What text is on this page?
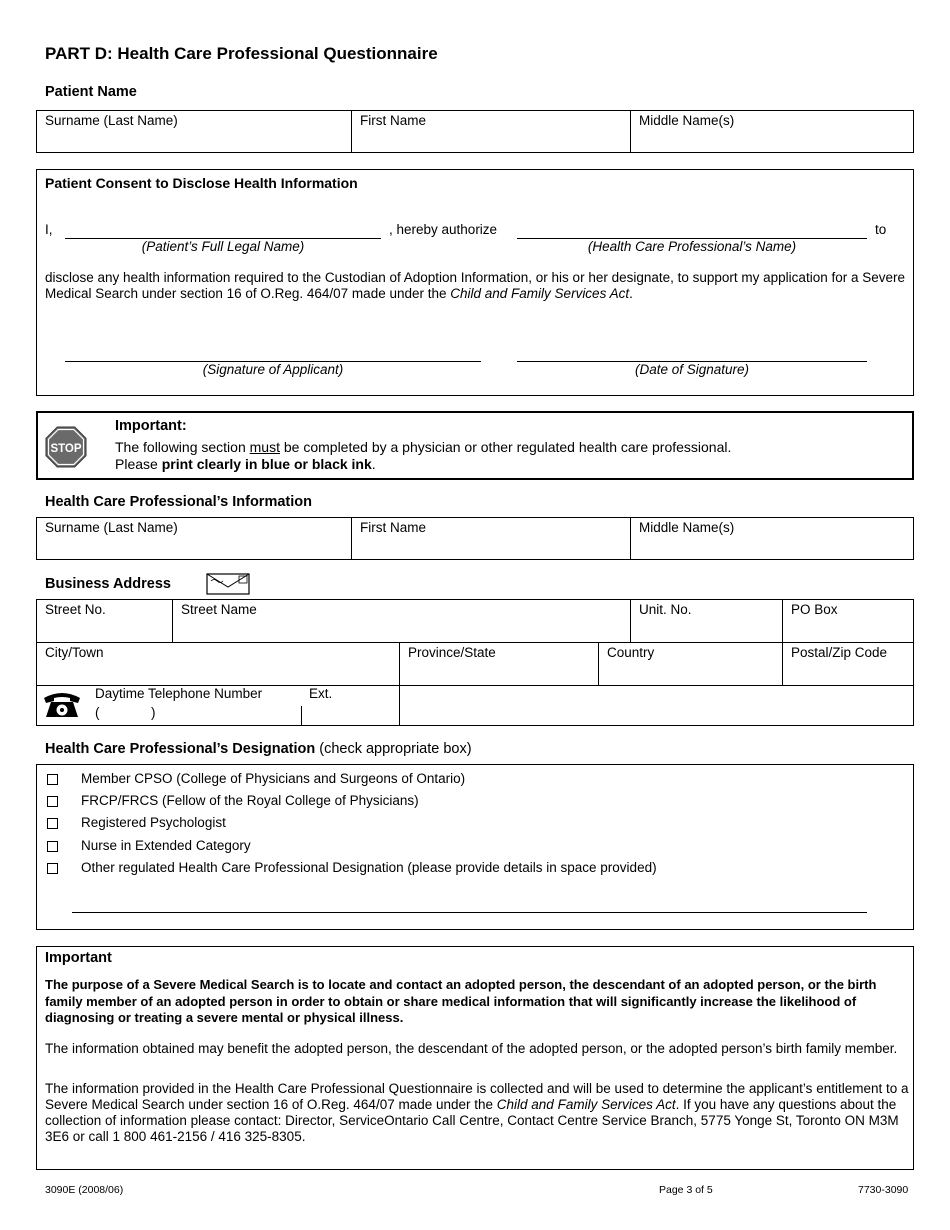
PART D: Health Care Professional Questionnaire
Patient Name
Surname (Last Name)	First Name	Middle Name(s)
Patient Consent to Disclose Health Information
I,	, hereby authorize	to
(Patient’s Full Legal Name)	(Health Care Professional’s Name)

disclose any health information required to the Custodian of Adoption Information, or his or her designate, to support my application for a Severe Medical Search under section 16 of O.Reg. 464/07 made under the Child and Family Services Act.

(Signature of Applicant)	(Date of Signature)
STOP
Important:
The following section must be completed by a physician or other regulated health care professional.
Please print clearly in blue or black ink.
Health Care Professional’s Information
Surname (Last Name)	First Name	Middle Name(s)
Business Address
Street No.	Street Name	Unit. No.	PO Box
City/Town	Province/State	Country	Postal/Zip Code
Daytime Telephone Number
(	)
Ext.
Health Care Professional’s Designation (check appropriate box)
Member CPSO (College of Physicians and Surgeons of Ontario)
FRCP/FRCS (Fellow of the Royal College of Physicians)
Registered Psychologist
Nurse in Extended Category
Other regulated Health Care Professional Designation (please provide details in space provided)
Important

The purpose of a Severe Medical Search is to locate and contact an adopted person, the descendant of an adopted person, or the birth family member of an adopted person in order to obtain or share medical information that will significantly increase the likelihood of diagnosing or treating a severe mental or physical illness.

The information obtained may benefit the adopted person, the descendant of the adopted person, or the adopted person’s birth family member.

The information provided in the Health Care Professional Questionnaire is collected and will be used to determine the applicant’s entitlement to a Severe Medical Search under section 16 of O.Reg. 464/07 made under the Child and Family Services Act. If you have any questions about the collection of information please contact: Director, ServiceOntario Call Centre, Contact Centre Service Branch, 5775 Yonge St, Toronto ON M3M 3E6 or call 1 800 461-2156 / 416 325-8305.

3090E (2008/06)	Page 3 of 5	7730-3090
